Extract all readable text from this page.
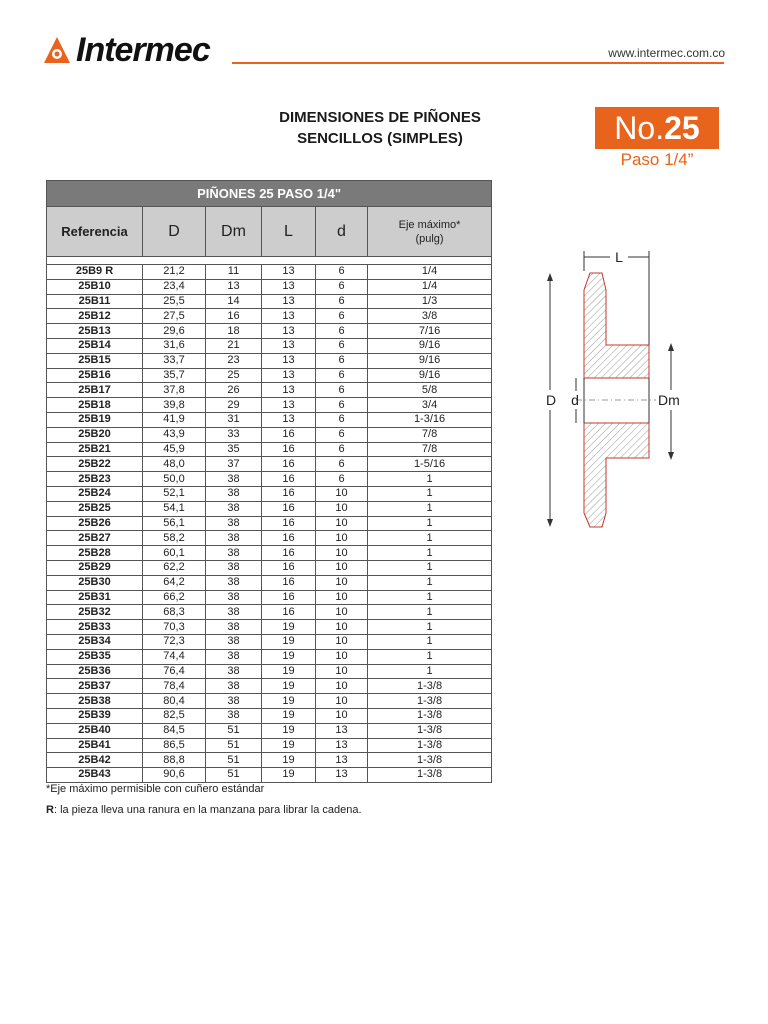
Intermec	www.intermec.com.co
DIMENSIONES DE PIÑONES
SENCILLOS (SIMPLES)	No.25
Paso 1/4”
PIÑONES 25 PASO 1/4"					
Referencia	D	Dm	L	d	Eje máximo*
(pulg)

25B9 R	21,2	11	13	6	1/4
25B10	23,4	13	13	6	1/4
25B11	25,5	14	13	6	1/3
25B12	27,5	16	13	6	3/8
25B13	29,6	18	13	6	7/16
25B14	31,6	21	13	6	9/16
25B15	33,7	23	13	6	9/16
25B16	35,7	25	13	6	9/16
25B17	37,8	26	13	6	5/8
25B18	39,8	29	13	6	3/4
25B19	41,9	31	13	6	1-3/16
25B20	43,9	33	16	6	7/8
25B21	45,9	35	16	6	7/8
25B22	48,0	37	16	6	1-5/16
25B23	50,0	38	16	6	1
25B24	52,1	38	16	10	1
25B25	54,1	38	16	10	1
25B26	56,1	38	16	10	1
25B27	58,2	38	16	10	1
25B28	60,1	38	16	10	1
25B29	62,2	38	16	10	1
25B30	64,2	38	16	10	1
25B31	66,2	38	16	10	1
25B32	68,3	38	16	10	1
25B33	70,3	38	19	10	1
25B34	72,3	38	19	10	1
25B35	74,4	38	19	10	1
25B36	76,4	38	19	10	1
25B37	78,4	38	19	10	1-3/8
25B38	80,4	38	19	10	1-3/8
25B39	82,5	38	19	10	1-3/8
25B40	84,5	51	19	13	1-3/8
25B41	86,5	51	19	13	1-3/8
25B42	88,8	51	19	13	1-3/8
25B43	90,6	51	19	13	1-3/8
*Eje máximo permisible con cuñero estándar
R: la pieza lleva una ranura en la manzana para librar la cadena.
L
D d	Dm
